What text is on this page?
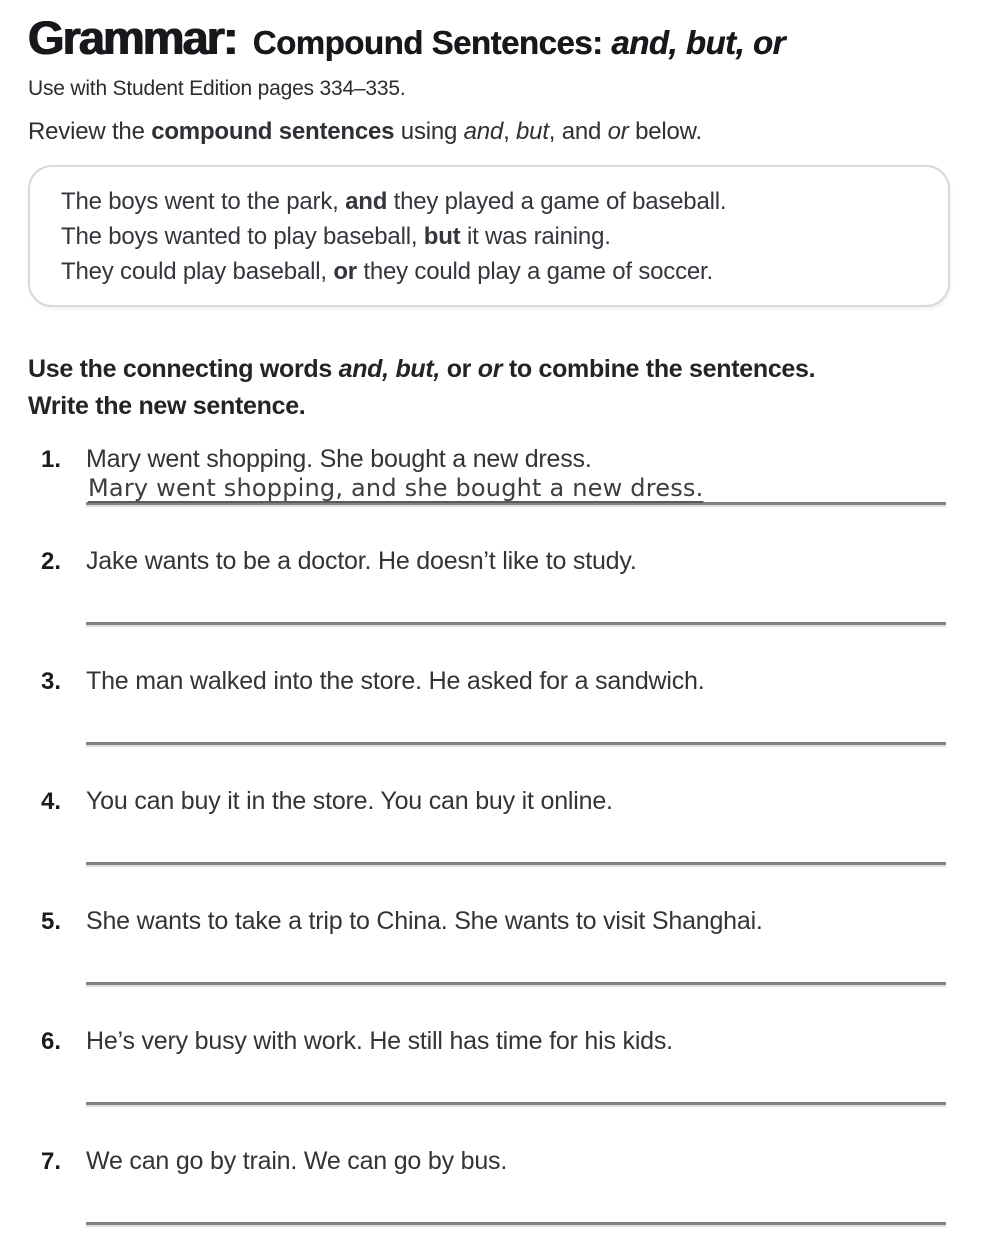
Grammar: Compound Sentences: and, but, or

Use with Student Edition pages 334–335.

Review the compound sentences using and, but, and or below.

The boys went to the park, and they played a game of baseball.
The boys wanted to play baseball, but it was raining.
They could play baseball, or they could play a game of soccer.

Use the connecting words and, but, or or to combine the sentences. Write the new sentence.

1. Mary went shopping. She bought a new dress.
Mary went shopping, and she bought a new dress.
2. Jake wants to be a doctor. He doesn’t like to study.
3. The man walked into the store. He asked for a sandwich.
4. You can buy it in the store. You can buy it online.
5. She wants to take a trip to China. She wants to visit Shanghai.
6. He’s very busy with work. He still has time for his kids.
7. We can go by train. We can go by bus.
